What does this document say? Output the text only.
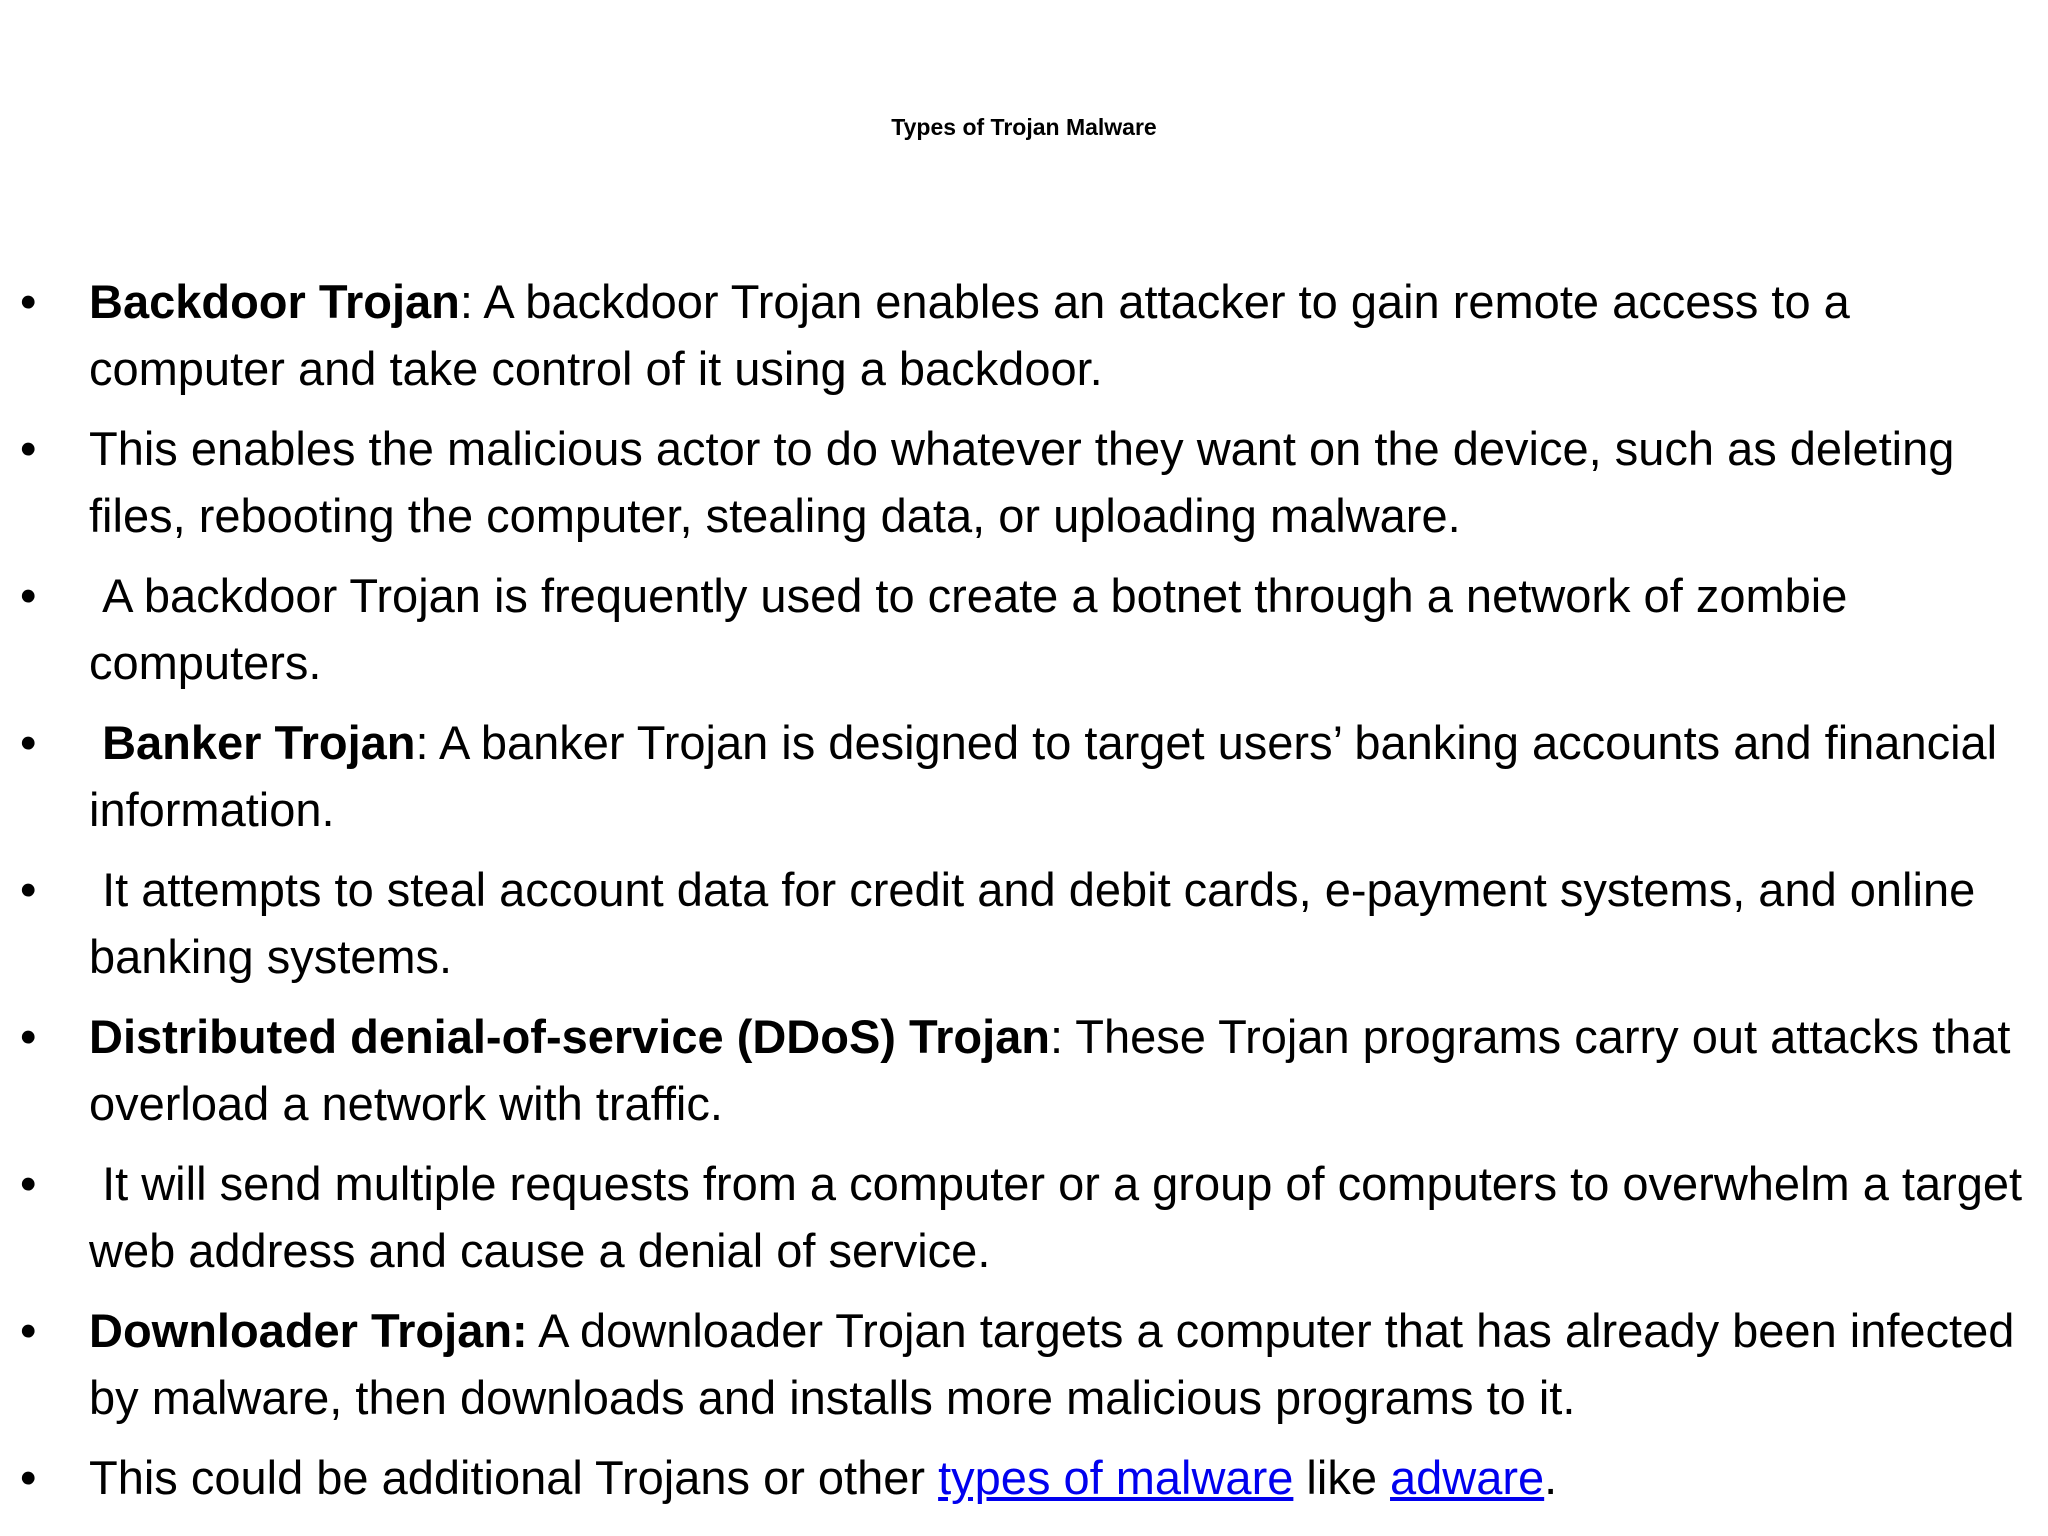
Types of Trojan Malware
• Backdoor Trojan: A backdoor Trojan enables an attacker to gain remote access to a computer and take control of it using a backdoor.
• This enables the malicious actor to do whatever they want on the device, such as deleting files, rebooting the computer, stealing data, or uploading malware.
• A backdoor Trojan is frequently used to create a botnet through a network of zombie computers.
• Banker Trojan: A banker Trojan is designed to target users’ banking accounts and financial information.
• It attempts to steal account data for credit and debit cards, e-payment systems, and online banking systems.
• Distributed denial-of-service (DDoS) Trojan: These Trojan programs carry out attacks that overload a network with traffic.
• It will send multiple requests from a computer or a group of computers to overwhelm a target web address and cause a denial of service.
• Downloader Trojan: A downloader Trojan targets a computer that has already been infected by malware, then downloads and installs more malicious programs to it.
• This could be additional Trojans or other types of malware like adware.
